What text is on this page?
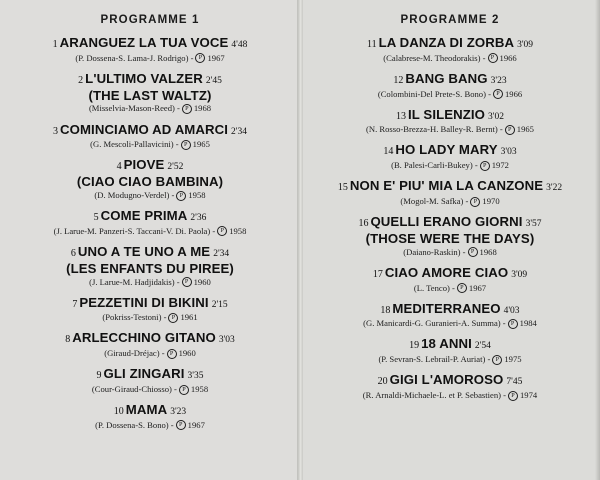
PROGRAMME 1
1 ARANGUEZ LA TUA VOCE 4'48
(P. Dossena-S. Lama-J. Rodrigo) - P 1967
2 L'ULTIMO VALZER 2'45
(THE LAST WALTZ)
(Misselvia-Mason-Reed) - P 1968
3 COMINCIAMO AD AMARCI 2'34
(G. Mescoli-Pallavicini) - P 1965
4 PIOVE 2'52
(CIAO CIAO BAMBINA)
(D. Modugno-Verdel) - P 1958
5 COME PRIMA 2'36
(J. Larue-M. Panzeri-S. Taccani-V. Di. Paola) - P 1958
6 UNO A TE UNO A ME 2'34
(LES ENFANTS DU PIREE)
(J. Larue-M. Hadjidakis) - P 1960
7 PEZZETINI DI BIKINI 2'15
(Pokriss-Testoni) - P 1961
8 ARLECCHINO GITANO 3'03
(Giraud-Dréjac) - P 1960
9 GLI ZINGARI 3'35
(Cour-Giraud-Chiosso) - P 1958
10 MAMA 3'23
(P. Dossena-S. Bono) - P 1967
PROGRAMME 2
11 LA DANZA DI ZORBA 3'09
(Calabrese-M. Theodorakis) - P 1966
12 BANG BANG 3'23
(Colombini-Del Prete-S. Bono) - P 1966
13 IL SILENZIO 3'02
(N. Rosso-Brezza-H. Balley-R. Bernt) - P 1965
14 HO LADY MARY 3'03
(B. Palesi-Carli-Bukey) - P 1972
15 NON E' PIU' MIA LA CANZONE 3'22
(Mogol-M. Safka) - P 1970
16 QUELLI ERANO GIORNI 3'57
(THOSE WERE THE DAYS)
(Daiano-Raskin) - P 1968
17 CIAO AMORE CIAO 3'09
(L. Tenco) - P 1967
18 MEDITERRANEO 4'03
(G. Manicardi-G. Guranieri-A. Summa) - P 1984
19 18 ANNI 2'54
(P. Sevran-S. Lebrail-P. Auriat) - P 1975
20 GIGI L'AMOROSO 7'45
(R. Arnaldi-Michaele-L. et P. Sebastien) - P 1974
